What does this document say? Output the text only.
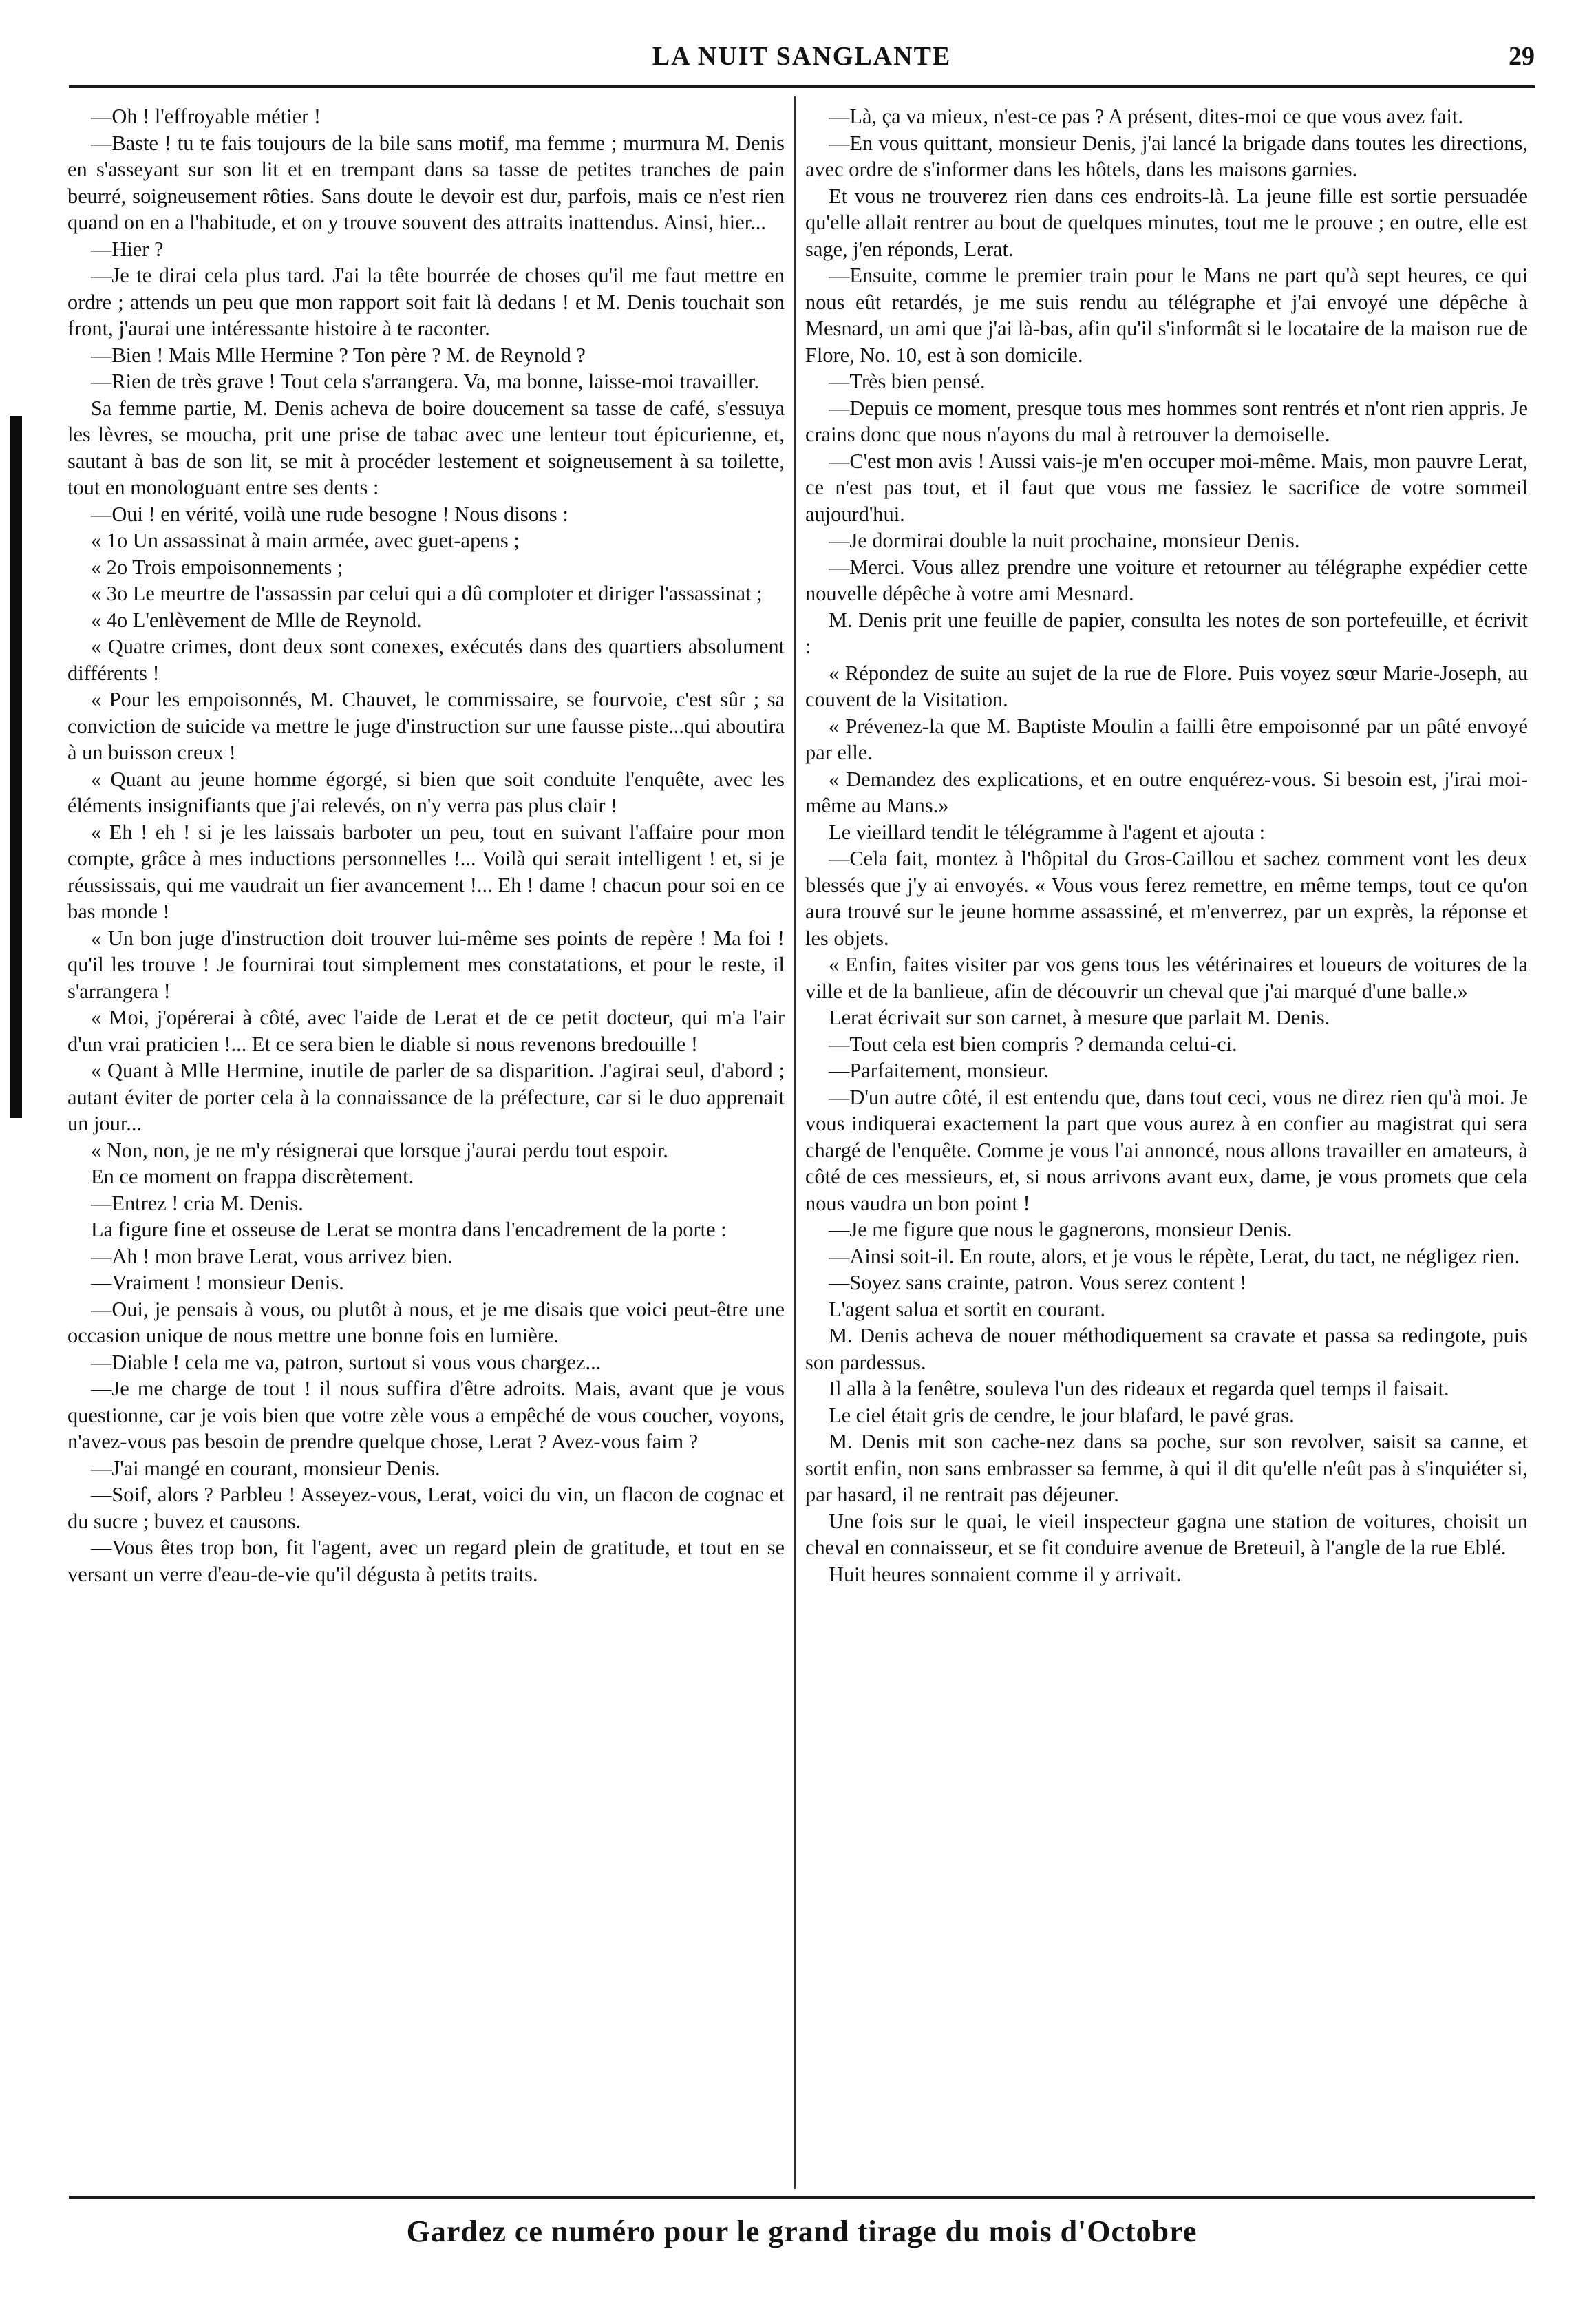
LA NUIT SANGLANTE	29

—Oh ! l'effroyable métier !

—Baste ! tu te fais toujours de la bile sans motif, ma femme ; murmura M. Denis en s'asseyant sur son lit et en trempant dans sa tasse de petites tranches de pain beurré, soigneusement rôties. Sans doute le devoir est dur, parfois, mais ce n'est rien quand on en a l'habitude, et on y trouve souvent des attraits inattendus. Ainsi, hier...

—Hier ?

—Je te dirai cela plus tard. J'ai la tête bourrée de choses qu'il me faut mettre en ordre ; attends un peu que mon rapport soit fait là dedans ! et M. Denis touchait son front, j'aurai une intéressante histoire à te raconter.

—Bien ! Mais Mlle Hermine ? Ton père ? M. de Reynold ?

—Rien de très grave ! Tout cela s'arrangera. Va, ma bonne, laisse-moi travailler.

Sa femme partie, M. Denis acheva de boire doucement sa tasse de café, s'essuya les lèvres, se moucha, prit une prise de tabac avec une lenteur tout épicurienne, et, sautant à bas de son lit, se mit à procéder lestement et soigneusement à sa toilette, tout en monologuant entre ses dents :

—Oui ! en vérité, voilà une rude besogne ! Nous disons :

« 1o Un assassinat à main armée, avec guet-apens ;

« 2o Trois empoisonnements ;

« 3o Le meurtre de l'assassin par celui qui a dû comploter et diriger l'assassinat ;

« 4o L'enlèvement de Mlle de Reynold.

« Quatre crimes, dont deux sont conexes, exécutés dans des quartiers absolument différents !

« Pour les empoisonnés, M. Chauvet, le commissaire, se fourvoie, c'est sûr ; sa conviction de suicide va mettre le juge d'instruction sur une fausse piste...qui aboutira à un buisson creux !

« Quant au jeune homme égorgé, si bien que soit conduite l'enquête, avec les éléments insignifiants que j'ai relevés, on n'y verra pas plus clair !

« Eh ! eh ! si je les laissais barboter un peu, tout en suivant l'affaire pour mon compte, grâce à mes inductions personnelles !... Voilà qui serait intelligent ! et, si je réussissais, qui me vaudrait un fier avancement !... Eh ! dame ! chacun pour soi en ce bas monde !

« Un bon juge d'instruction doit trouver lui-même ses points de repère ! Ma foi ! qu'il les trouve ! Je fournirai tout simplement mes constatations, et pour le reste, il s'arrangera !

« Moi, j'opérerai à côté, avec l'aide de Lerat et de ce petit docteur, qui m'a l'air d'un vrai praticien !... Et ce sera bien le diable si nous revenons bredouille !

« Quant à Mlle Hermine, inutile de parler de sa disparition. J'agirai seul, d'abord ; autant éviter de porter cela à la connaissance de la préfecture, car si le duo apprenait un jour...

« Non, non, je ne m'y résignerai que lorsque j'aurai perdu tout espoir.

En ce moment on frappa discrètement.

—Entrez ! cria M. Denis.

La figure fine et osseuse de Lerat se montra dans l'encadrement de la porte :

—Ah ! mon brave Lerat, vous arrivez bien.

—Vraiment ! monsieur Denis.

—Oui, je pensais à vous, ou plutôt à nous, et je me disais que voici peut-être une occasion unique de nous mettre une bonne fois en lumière.

—Diable ! cela me va, patron, surtout si vous vous chargez...

—Je me charge de tout ! il nous suffira d'être adroits. Mais, avant que je vous questionne, car je vois bien que votre zèle vous a empêché de vous coucher, voyons, n'avez-vous pas besoin de prendre quelque chose, Lerat ? Avez-vous faim ?

—J'ai mangé en courant, monsieur Denis.

—Soif, alors ? Parbleu ! Asseyez-vous, Lerat, voici du vin, un flacon de cognac et du sucre ; buvez et causons.

—Vous êtes trop bon, fit l'agent, avec un regard plein de gratitude, et tout en se versant un verre d'eau-de-vie qu'il dégusta à petits traits.

—Là, ça va mieux, n'est-ce pas ? A présent, dites-moi ce que vous avez fait.

—En vous quittant, monsieur Denis, j'ai lancé la brigade dans toutes les directions, avec ordre de s'informer dans les hôtels, dans les maisons garnies.

Et vous ne trouverez rien dans ces endroits-là. La jeune fille est sortie persuadée qu'elle allait rentrer au bout de quelques minutes, tout me le prouve ; en outre, elle est sage, j'en réponds, Lerat.

—Ensuite, comme le premier train pour le Mans ne part qu'à sept heures, ce qui nous eût retardés, je me suis rendu au télégraphe et j'ai envoyé une dépêche à Mesnard, un ami que j'ai là-bas, afin qu'il s'informât si le locataire de la maison rue de Flore, No. 10, est à son domicile.

—Très bien pensé.

—Depuis ce moment, presque tous mes hommes sont rentrés et n'ont rien appris. Je crains donc que nous n'ayons du mal à retrouver la demoiselle.

—C'est mon avis ! Aussi vais-je m'en occuper moi-même. Mais, mon pauvre Lerat, ce n'est pas tout, et il faut que vous me fassiez le sacrifice de votre sommeil aujourd'hui.

—Je dormirai double la nuit prochaine, monsieur Denis.

—Merci. Vous allez prendre une voiture et retourner au télégraphe expédier cette nouvelle dépêche à votre ami Mesnard.

M. Denis prit une feuille de papier, consulta les notes de son portefeuille, et écrivit :

« Répondez de suite au sujet de la rue de Flore. Puis voyez sœur Marie-Joseph, au couvent de la Visitation.

« Prévenez-la que M. Baptiste Moulin a failli être empoisonné par un pâté envoyé par elle.

« Demandez des explications, et en outre enquérez-vous. Si besoin est, j'irai moi-même au Mans.»

Le vieillard tendit le télégramme à l'agent et ajouta :

—Cela fait, montez à l'hôpital du Gros-Caillou et sachez comment vont les deux blessés que j'y ai envoyés. « Vous vous ferez remettre, en même temps, tout ce qu'on aura trouvé sur le jeune homme assassiné, et m'enverrez, par un exprès, la réponse et les objets.

« Enfin, faites visiter par vos gens tous les vétérinaires et loueurs de voitures de la ville et de la banlieue, afin de découvrir un cheval que j'ai marqué d'une balle.»

Lerat écrivait sur son carnet, à mesure que parlait M. Denis.

—Tout cela est bien compris ? demanda celui-ci.

—Parfaitement, monsieur.

—D'un autre côté, il est entendu que, dans tout ceci, vous ne direz rien qu'à moi. Je vous indiquerai exactement la part que vous aurez à en confier au magistrat qui sera chargé de l'enquête. Comme je vous l'ai annoncé, nous allons travailler en amateurs, à côté de ces messieurs, et, si nous arrivons avant eux, dame, je vous promets que cela nous vaudra un bon point !

—Je me figure que nous le gagnerons, monsieur Denis.

—Ainsi soit-il. En route, alors, et je vous le répète, Lerat, du tact, ne négligez rien.

—Soyez sans crainte, patron. Vous serez content !

L'agent salua et sortit en courant.

M. Denis acheva de nouer méthodiquement sa cravate et passa sa redingote, puis son pardessus.

Il alla à la fenêtre, souleva l'un des rideaux et regarda quel temps il faisait.

Le ciel était gris de cendre, le jour blafard, le pavé gras.

M. Denis mit son cache-nez dans sa poche, sur son revolver, saisit sa canne, et sortit enfin, non sans embrasser sa femme, à qui il dit qu'elle n'eût pas à s'inquiéter si, par hasard, il ne rentrait pas déjeuner.

Une fois sur le quai, le vieil inspecteur gagna une station de voitures, choisit un cheval en connaisseur, et se fit conduire avenue de Breteuil, à l'angle de la rue Eblé.

Huit heures sonnaient comme il y arrivait.

Gardez ce numéro pour le grand tirage du mois d'Octobre
